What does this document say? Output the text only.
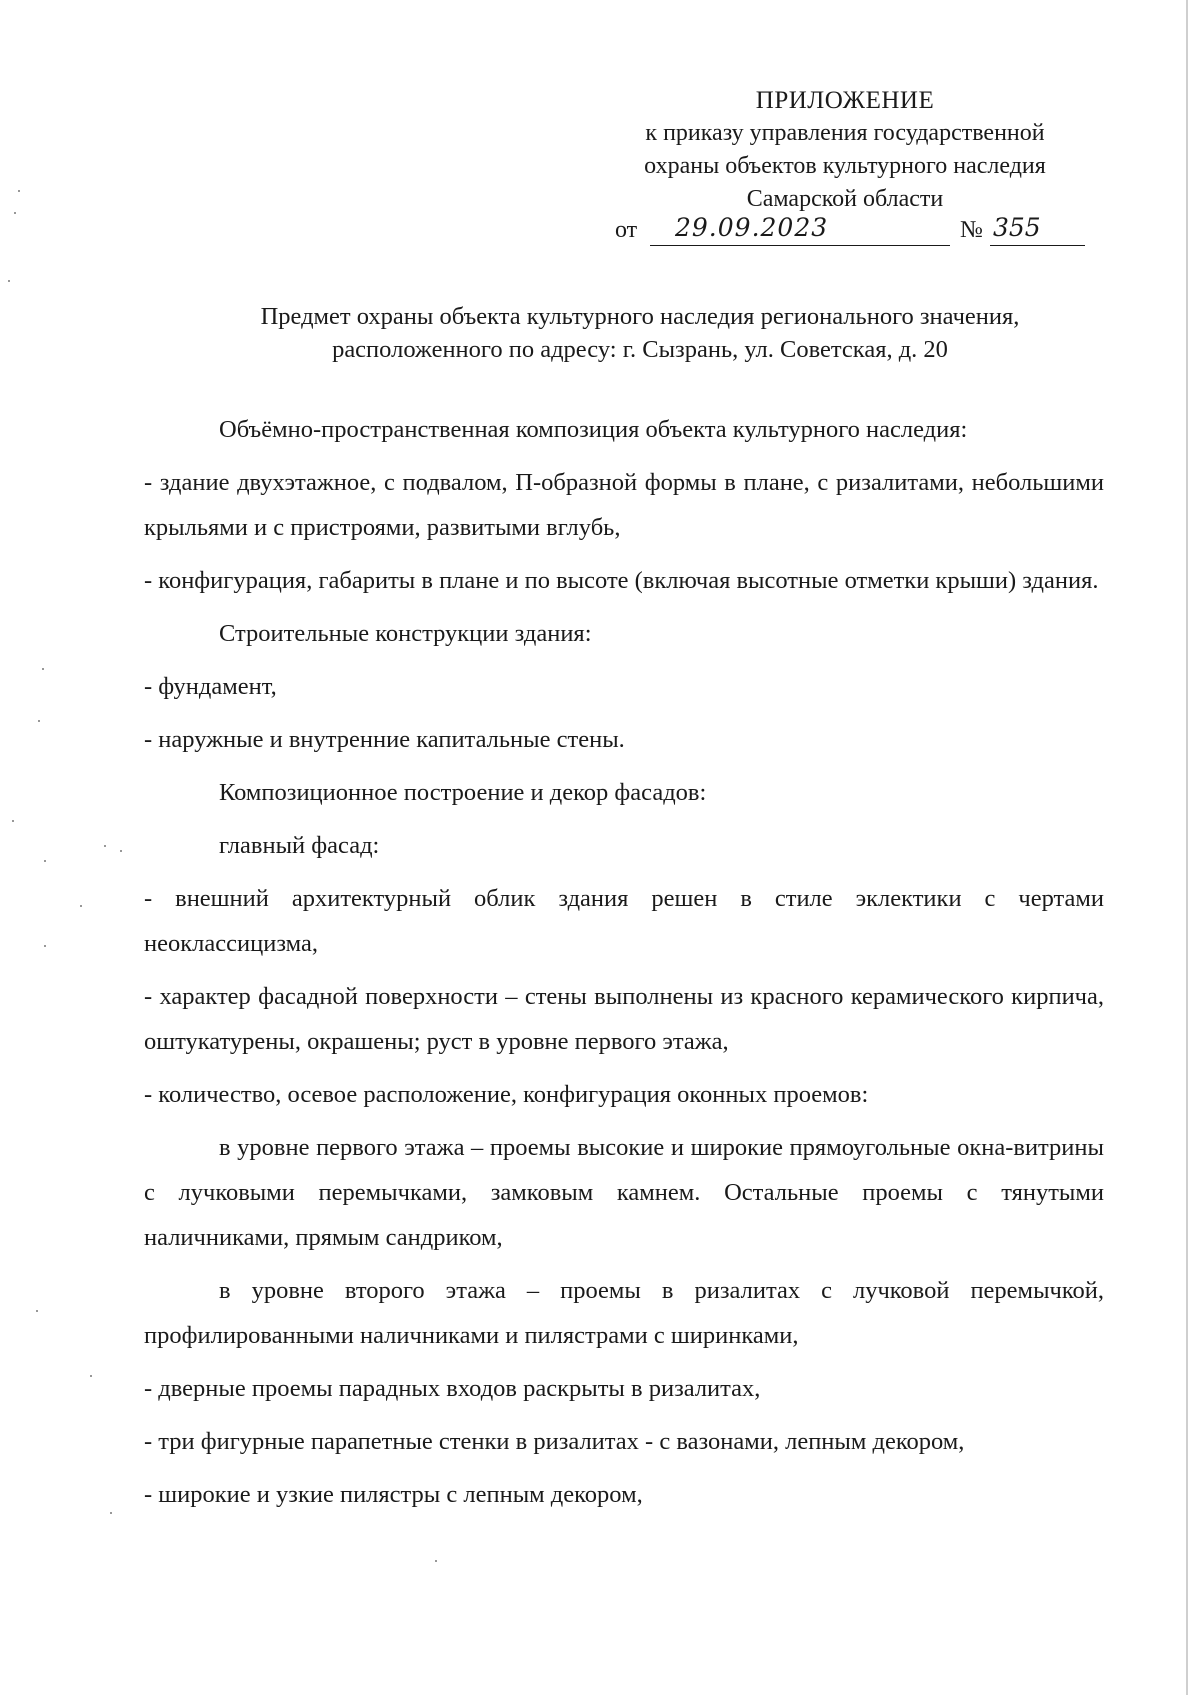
ПРИЛОЖЕНИЕ
к приказу управления государственной
охраны объектов культурного наследия
Самарской области
от 29.09.2023	№ 355
Предмет охраны объекта культурного наследия регионального значения,
расположенного по адресу: г. Сызрань, ул. Советская, д. 20

Объёмно-пространственная композиция объекта культурного наследия:

- здание двухэтажное, с подвалом, П-образной формы в плане, с ризалитами, небольшими крыльями и с пристроями, развитыми вглубь,

- конфигурация, габариты в плане и по высоте (включая высотные отметки крыши) здания.

Строительные конструкции здания:

- фундамент,

- наружные и внутренние капитальные стены.

Композиционное построение и декор фасадов:

главный фасад:

- внешний архитектурный облик здания решен в стиле эклектики с чертами неоклассицизма,

- характер фасадной поверхности – стены выполнены из красного керамического кирпича, оштукатурены, окрашены; руст в уровне первого этажа,

- количество, осевое расположение, конфигурация оконных проемов:

в уровне первого этажа – проемы высокие и широкие прямоугольные окна-витрины с лучковыми перемычками, замковым камнем. Остальные проемы с тянутыми наличниками, прямым сандриком,

в уровне второго этажа – проемы в ризалитах с лучковой перемычкой, профилированными наличниками и пилястрами с ширинками,

- дверные проемы парадных входов раскрыты в ризалитах,

- три фигурные парапетные стенки в ризалитах - с вазонами, лепным декором,

- широкие и узкие пилястры с лепным декором,
